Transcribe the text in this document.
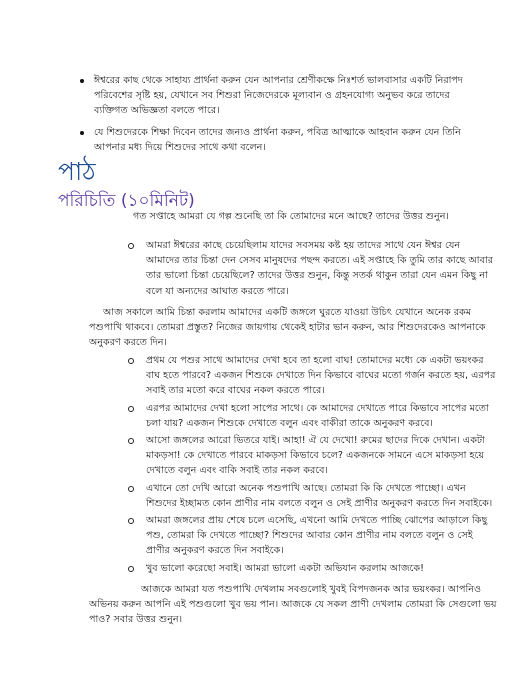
ঈশ্বরের কাছ থেকে সাহায্য প্রার্থনা করুন যেন আপনার শ্রেণীকক্ষে নিঃশর্ত ভালবাসার একটি নিরাপদ পরিবেশের সৃষ্টি হয়, যেখানে সব শিশুরা নিজেদেরকে মূল্যবান ও গ্রহনযোগ্য অনুভব করে তাদের ব্যক্তিগত অভিজ্ঞতা বলতে পারে।
যে শিশুদেরকে শিক্ষা দিবেন তাদের জন্যও প্রার্থনা করুন, পবিত্র আত্মাকে আহবান করুন যেন তিনি আপনার মধ্য দিয়ে শিশুদের সাথে কথা বলেন।
পাঠ
পরিচিতি (১০মিনিট)

গত সপ্তাহে আমরা যে গল্প শুনেছি তা কি তোমাদের মনে আছে? তাদের উত্তর শুনুন।

আমরা ঈশ্বরের কাছে চেয়েছিলাম যাদের সবসময় কষ্ট হয় তাদের সাথে যেন ঈশ্বর যেন আমাদের তার চিন্তা দেন সেসব মানুষদের পছন্দ করতে। এই সপ্তাহে কি তুমি তার কাছে আবার তার ভালো চিন্তা চেয়েছিলে? তাদের উত্তর শুনুন, কিন্তু সতর্ক থাকুন তারা যেন এমন কিছু না বলে যা অন্যদের আঘাত করতে পারে।

আজ সকালে আমি চিন্তা করলাম আমাদের একটি জঙ্গলে ঘুরতে যাওয়া উচিৎ যেখানে অনেক রকম পশুপাখি থাকবে। তোমরা প্রস্তুত? নিজের জায়গায় থেকেই হাটার ভান করুন, আর শিশুদেরকেও আপনাকে অনুকরণ করতে দিন।

প্রথম যে পশুর সাথে আমাদের দেখা হবে তা হলো বাঘ! তোমাদের মধ্যে কে একটা ভয়ংকর বাঘ হতে পারবে? একজন শিশুকে দেখাতে দিন কিভাবে বাঘের মতো গর্জন করতে হয়, এরপর সবাই তার মতো করে বাঘের নকল করতে পারে।
এরপর আমাদের দেখা হলো সাপের সাথে। কে আমাদের দেখাতে পারে কিভাবে সাপের মতো চলা যায়? একজন শিশুকে দেখাতে বলুন এবং বাকীরা তাকে অনুকরণ করবে।
আসো জঙ্গলের আরো ভিতরে যাই। আহা! ঐ যে দেখো! রুমের ছাদের দিকে দেখান। একটা মাকড়সা! কে দেখাতে পারবে মাকড়সা কিভাবে চলে? একজনকে সামনে এসে মাকড়সা হয়ে দেখাতে বলুন এবং বাকি সবাই তার নকল করবে।
এখানে তো দেখি আরো অনেক পশুপাখি আছে। তোমরা কি কি দেখতে পাচ্ছো। এখন শিশুদের ইচ্ছামত কোন প্রাণীর নাম বলতে বলুন ও সেই প্রাণীর অনুকরণ করতে দিন সবাইকে।
আমরা জঙ্গলের প্রায় শেষে চলে এসেছি, এখনো আমি দেখতে পাচ্ছি ঝোপের আড়ালে কিছু পশু, তোমরা কি দেখতে পাচ্ছো? শিশুদের আবার কোন প্রাণীর নাম বলতে বলুন ও সেই প্রাণীর অনুকরণ করতে দিন সবাইকে।
খুব ভালো করেছো সবাই। আমরা ভালো একটা অভিযান করলাম আজকে!

আজকে আমরা যত পশুপাখি দেখলাম সবগুলোই খুবই বিপদজনক আর ভয়ংকর। আপনিও অভিনয় করুন আপনি এই পশুগুলো খুব ভয় পান। আজকে যে সকল প্রাণী দেখলাম তোমরা কি সেগুলো ভয় পাও? সবার উত্তর শুনুন।
